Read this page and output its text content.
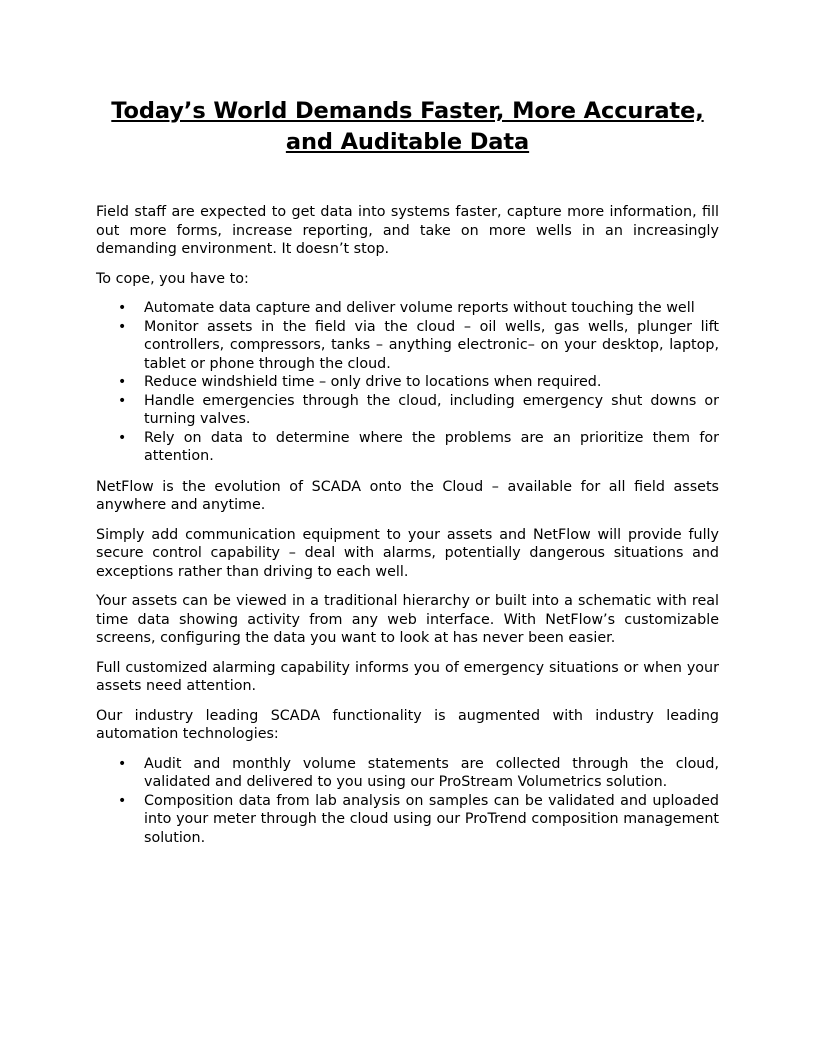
Today’s World Demands Faster, More Accurate, and Auditable Data

Field staff are expected to get data into systems faster, capture more information, fill out more forms, increase reporting, and take on more wells in an increasingly demanding environment. It doesn’t stop.

To cope, you have to:

• Automate data capture and deliver volume reports without touching the well
• Monitor assets in the field via the cloud – oil wells, gas wells, plunger lift controllers, compressors, tanks – anything electronic– on your desktop, laptop, tablet or phone through the cloud.
• Reduce windshield time – only drive to locations when required.
• Handle emergencies through the cloud, including emergency shut downs or turning valves.
• Rely on data to determine where the problems are an prioritize them for attention.

NetFlow is the evolution of SCADA onto the Cloud – available for all field assets anywhere and anytime.

Simply add communication equipment to your assets and NetFlow will provide fully secure control capability – deal with alarms, potentially dangerous situations and exceptions rather than driving to each well.

Your assets can be viewed in a traditional hierarchy or built into a schematic with real time data showing activity from any web interface. With NetFlow’s customizable screens, configuring the data you want to look at has never been easier.

Full customized alarming capability informs you of emergency situations or when your assets need attention.

Our industry leading SCADA functionality is augmented with industry leading automation technologies:

• Audit and monthly volume statements are collected through the cloud, validated and delivered to you using our ProStream Volumetrics solution.
• Composition data from lab analysis on samples can be validated and uploaded into your meter through the cloud using our ProTrend composition management solution.
